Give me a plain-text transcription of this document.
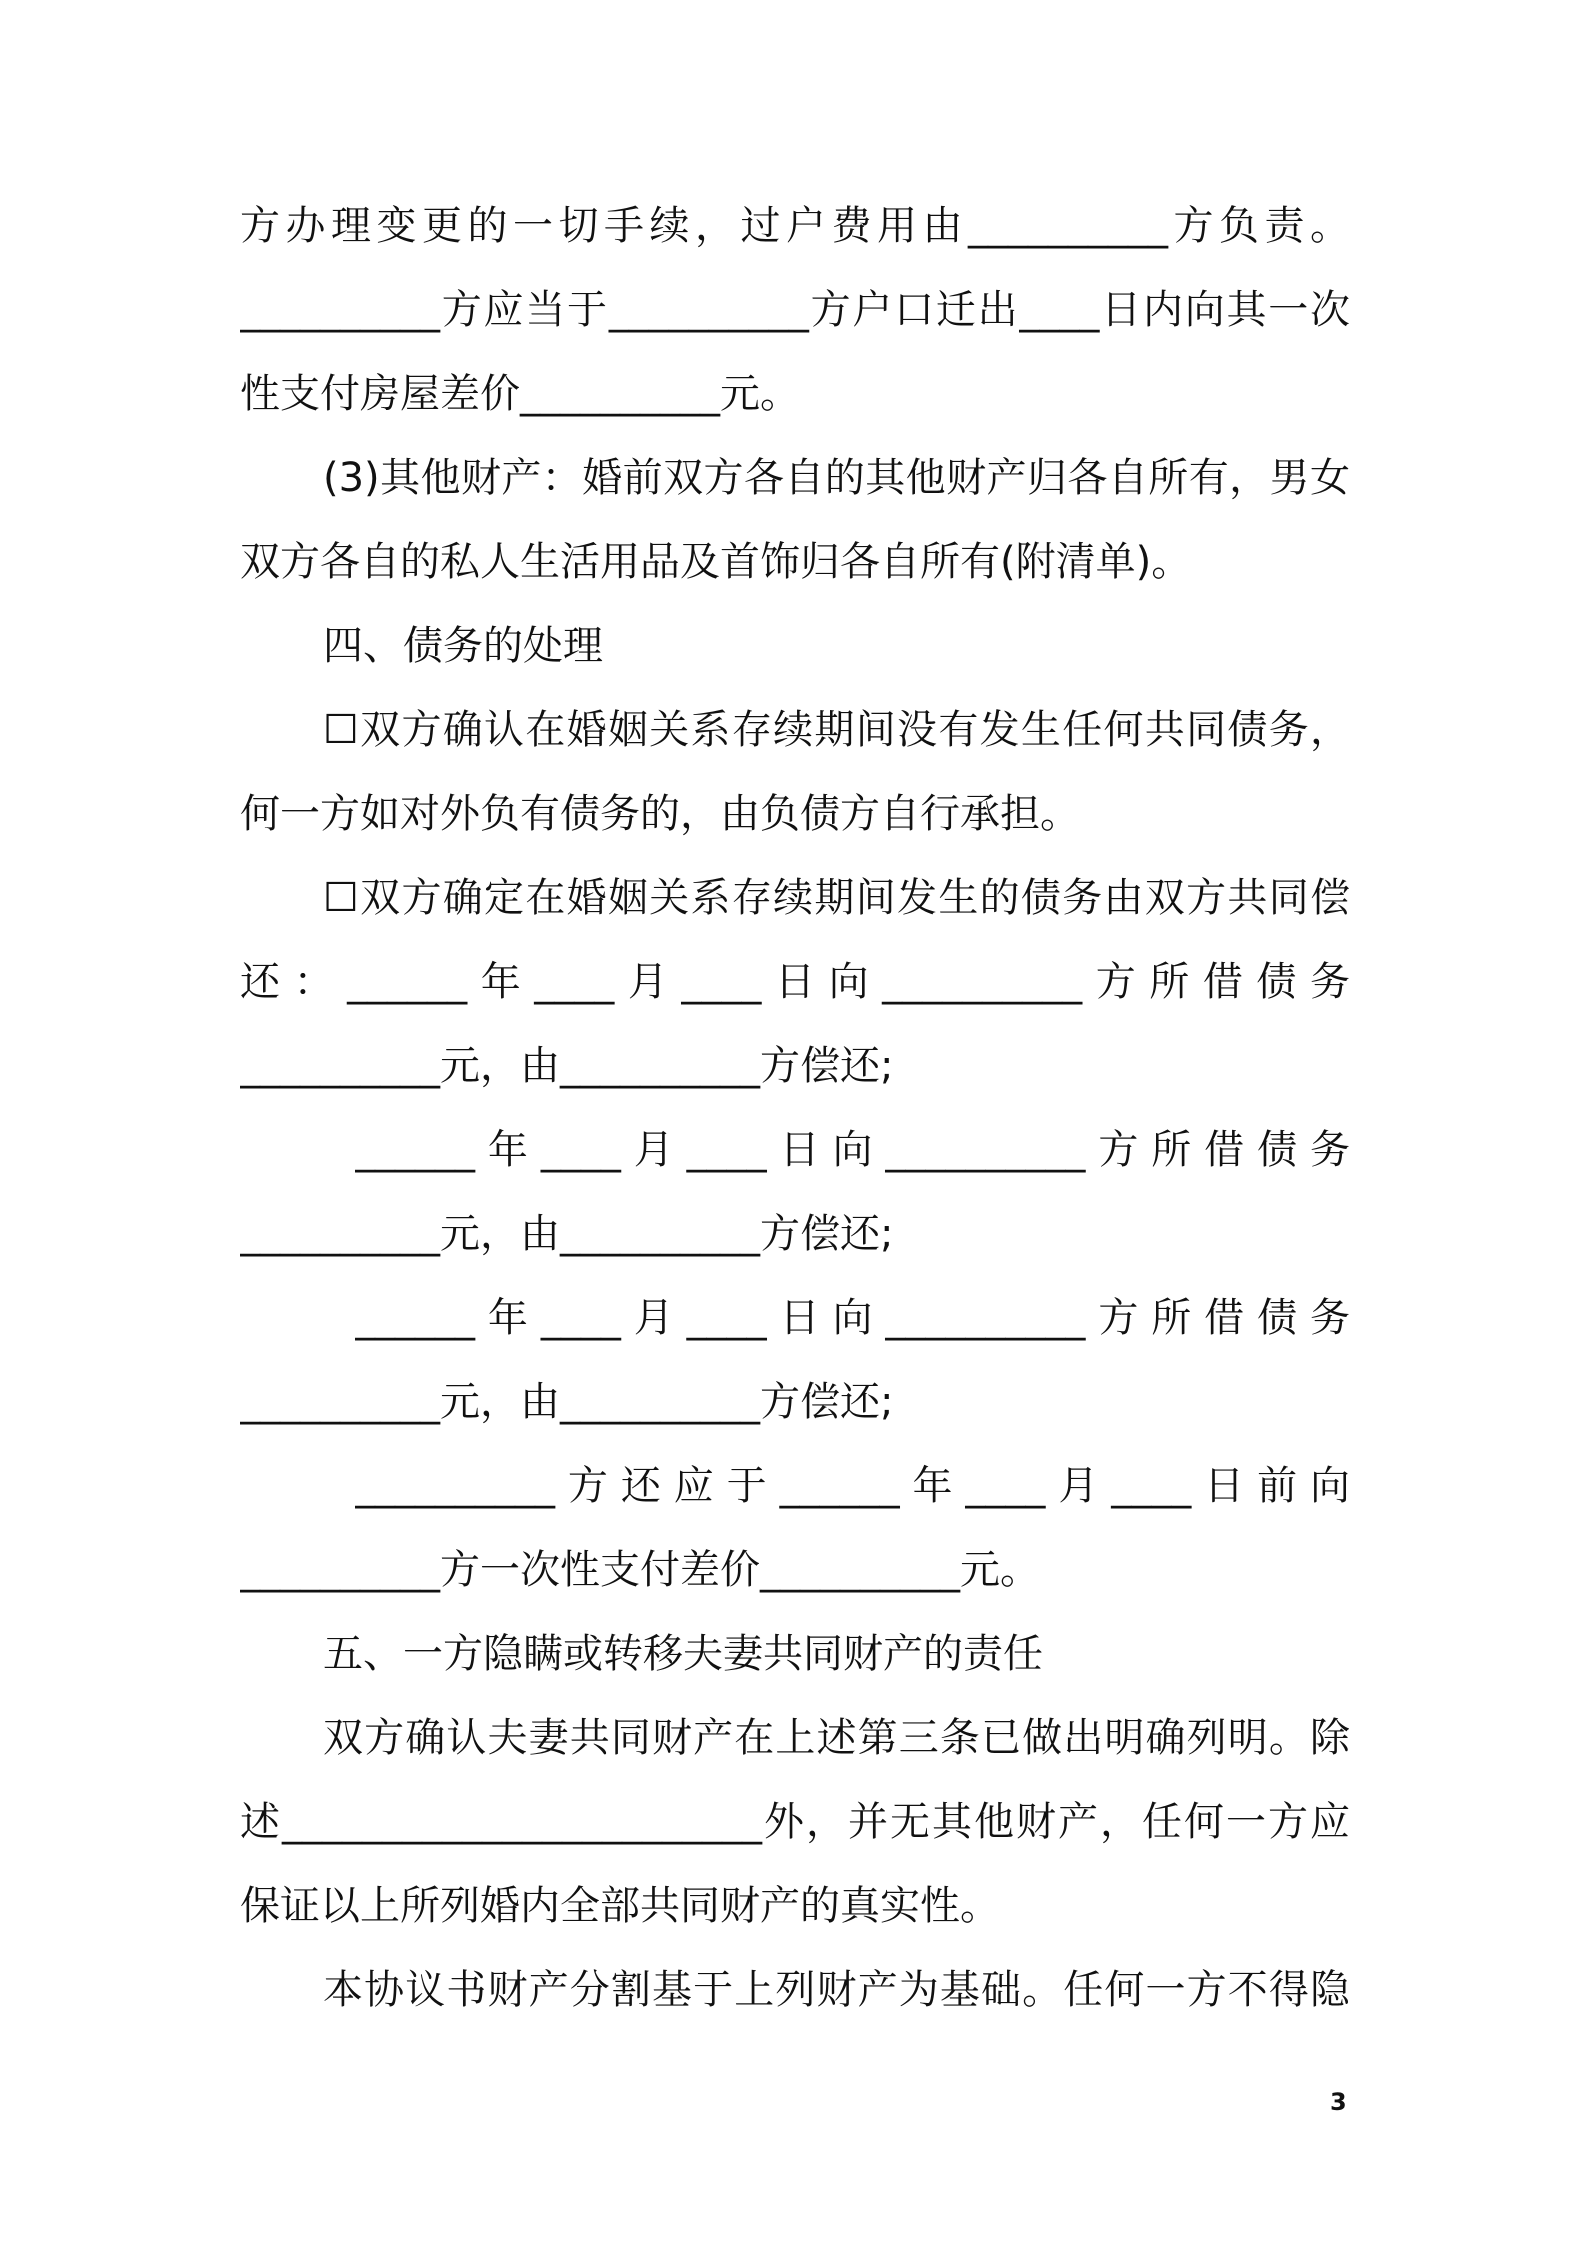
方办理变更的一切手续，过户费用由__________方负责。
__________方应当于__________方户口迁出____日内向其一次
性支付房屋差价__________元。
(3)其他财产：婚前双方各自的其他财产归各自所有，男女
双方各自的私人生活用品及首饰归各自所有(附清单)。
四、债务的处理
☐双方确认在婚姻关系存续期间没有发生任何共同债务，
何一方如对外负有债务的，由负债方自行承担。
☐双方确定在婚姻关系存续期间发生的债务由双方共同偿
还：______年____月____日向__________方所借债务
__________元，由__________方偿还;
______年____月____日向__________方所借债务
__________元，由__________方偿还;
______年____月____日向__________方所借债务
__________元，由__________方偿还;
__________方还应于______年____月____日前向
__________方一次性支付差价__________元。
五、一方隐瞒或转移夫妻共同财产的责任
双方确认夫妻共同财产在上述第三条已做出明确列明。除
述________________________外，并无其他财产，任何一方应
保证以上所列婚内全部共同财产的真实性。
本协议书财产分割基于上列财产为基础。任何一方不得隐
3
